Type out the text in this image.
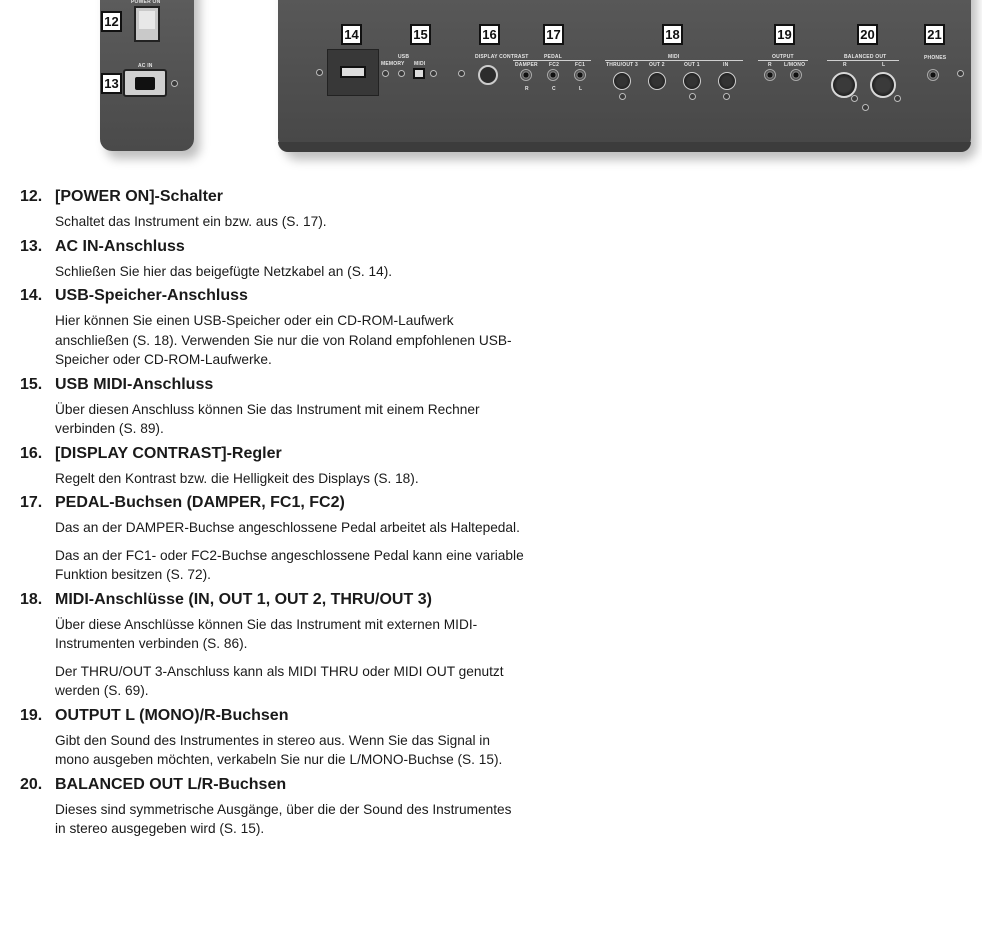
POWER ON
12
AC IN
13
14	15
USB
MEMORY MIDI
16
DISPLAY CONTRAST
17
PEDAL
DAMPER FC2	FC1
R	C	L
18
MIDI
THRU/OUT 3 OUT 2	OUT 1	IN
19
OUTPUT
R L/MONO
20
BALANCED OUT
R	L
21
PHONES
12. [POWER ON]-Schalter

Schaltet das Instrument ein bzw. aus (S. 17).

13. AC IN-Anschluss

Schließen Sie hier das beigefügte Netzkabel an (S. 14).

14. USB-Speicher-Anschluss

Hier können Sie einen USB-Speicher oder ein CD-ROM-Laufwerk anschließen (S. 18). Verwenden Sie nur die von Roland empfohlenen USB-Speicher oder CD-ROM-Laufwerke.

15. USB MIDI-Anschluss

Über diesen Anschluss können Sie das Instrument mit einem Rechner verbinden (S. 89).

16. [DISPLAY CONTRAST]-Regler

Regelt den Kontrast bzw. die Helligkeit des Displays (S. 18).

17. PEDAL-Buchsen (DAMPER, FC1, FC2)

Das an der DAMPER-Buchse angeschlossene Pedal arbeitet als Haltepedal.

Das an der FC1- oder FC2-Buchse angeschlossene Pedal kann eine variable Funktion besitzen (S. 72).

18. MIDI-Anschlüsse (IN, OUT 1, OUT 2, THRU/OUT 3)

Über diese Anschlüsse können Sie das Instrument mit externen MIDI-Instrumenten verbinden (S. 86).

Der THRU/OUT 3-Anschluss kann als MIDI THRU oder MIDI OUT genutzt werden (S. 69).

19. OUTPUT L (MONO)/R-Buchsen

Gibt den Sound des Instrumentes in stereo aus. Wenn Sie das Signal in mono ausgeben möchten, verkabeln Sie nur die L/MONO-Buchse (S. 15).

20. BALANCED OUT L/R-Buchsen

Dieses sind symmetrische Ausgänge, über die der Sound des Instrumentes in stereo ausgegeben wird (S. 15).
